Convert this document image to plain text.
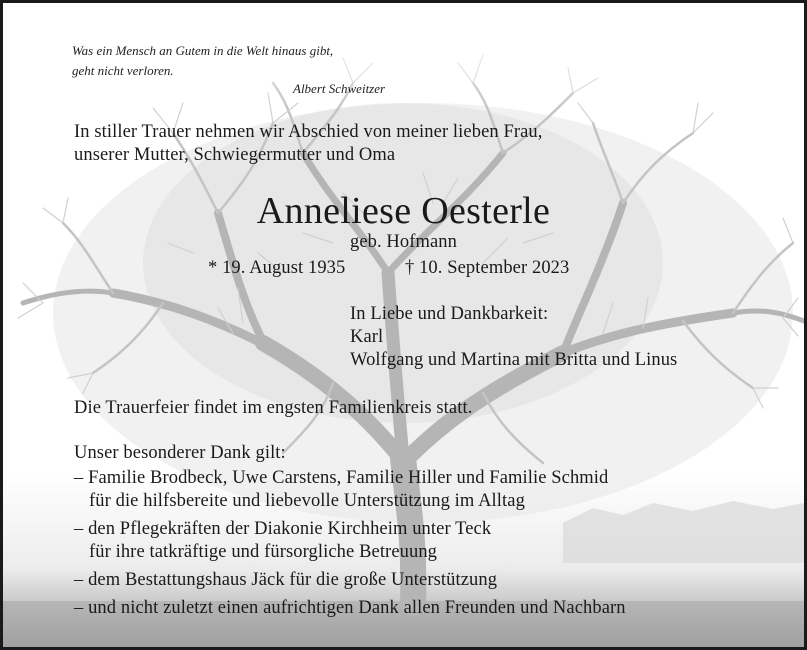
Was ein Mensch an Gutem in die Welt hinaus gibt,
geht nicht verloren.
Albert Schweitzer
In stiller Trauer nehmen wir Abschied von meiner lieben Frau,
unserer Mutter, Schwiegermutter und Oma
Anneliese Oesterle
geb. Hofmann
* 19. August 1935	† 10. September 2023
In Liebe und Dankbarkeit:
Karl
Wolfgang und Martina mit Britta und Linus
Die Trauerfeier findet im engsten Familienkreis statt.
Unser besonderer Dank gilt:
– Familie Brodbeck, Uwe Carstens, Familie Hiller und Familie Schmid
für die hilfsbereite und liebevolle Unterstützung im Alltag
– den Pflegekräften der Diakonie Kirchheim unter Teck
für ihre tatkräftige und fürsorgliche Betreuung
– dem Bestattungshaus Jäck für die große Unterstützung
– und nicht zuletzt einen aufrichtigen Dank allen Freunden und Nachbarn
